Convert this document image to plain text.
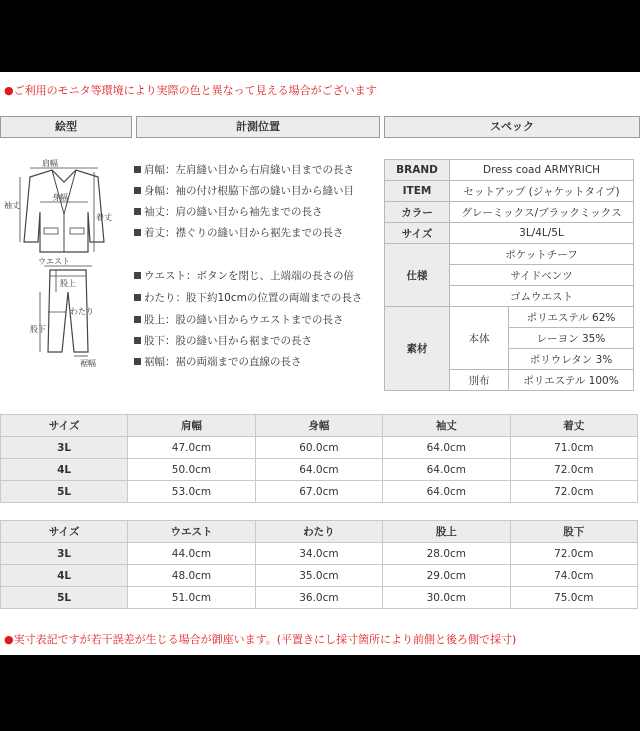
●ご利用のモニタ等環境により実際の色と異なって見える場合がございます
絵型	計測位置	スペック
肩幅
袖丈
身幅
着丈
ウエスト
股上
わたり
股下
裾幅
肩幅：左肩縫い目から右肩縫い目までの長さ
身幅：袖の付け根脇下部の縫い目から縫い目
袖丈：肩の縫い目から袖先までの長さ
着丈：襟ぐりの縫い目から裾先までの長さ
ウエスト：ボタンを閉じ、上端端の長さの倍
わたり：股下約10cmの位置の両端までの長さ
股上：股の縫い目からウエストまでの長さ
股下：股の縫い目から裾までの長さ
裾幅：裾の両端までの直線の長さ
BRAND	Dress coad ARMYRICH	
ITEM	セットアップ (ジャケットタイプ)	
カラー	グレーミックス/ブラックミックス	
サイズ	3L/4L/5L	
仕様	ポケットチーフ	
	サイドベンツ	
	ゴムウエスト	
素材	本体	ポリエステル 62%
		レーヨン 35%
		ポリウレタン 3%
	別布	ポリエステル 100%
サイズ	肩幅	身幅	袖丈	着丈
3L	47.0cm	60.0cm	64.0cm	71.0cm
4L	50.0cm	64.0cm	64.0cm	72.0cm
5L	53.0cm	67.0cm	64.0cm	72.0cm
サイズ	ウエスト	わたり	股上	股下
3L	44.0cm	34.0cm	28.0cm	72.0cm
4L	48.0cm	35.0cm	29.0cm	74.0cm
5L	51.0cm	36.0cm	30.0cm	75.0cm
●実寸表記ですが若干誤差が生じる場合が御座います。(平置きにし採寸箇所により前側と後ろ側で採寸)
